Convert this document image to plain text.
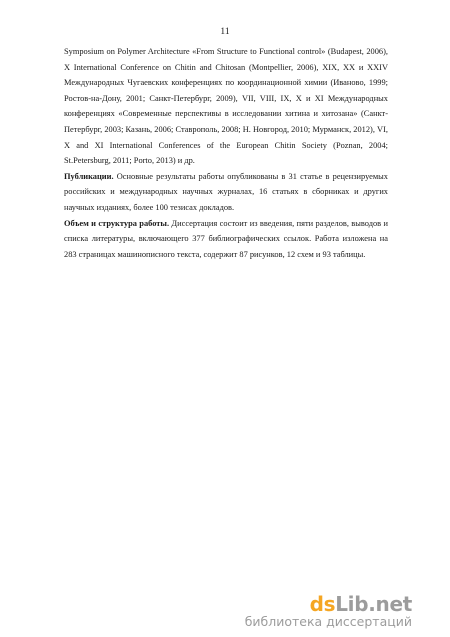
11

Symposium on Polymer Architecture «From Structure to Functional control» (Budapest, 2006), X International Conference on Chitin and Chitosan (Montpellier, 2006), XIX, XX и XXIV Международных Чугаевских конференциях по координационной химии (Иваново, 1999; Ростов-на-Дону, 2001; Санкт-Петербург, 2009), VII, VIII, IX, X и XI Международных конференциях «Современные перспективы в исследовании хитина и хитозана» (Санкт-Петербург, 2003; Казань, 2006; Ставрополь, 2008; Н. Новгород, 2010; Мурманск, 2012), VI, X and XI International Conferences of the European Chitin Society (Poznan, 2004; St.Petersburg, 2011; Porto, 2013) и др.

Публикации. Основные результаты работы опубликованы в 31 статье в рецензируемых российских и международных научных журналах, 16 статьях в сборниках и других научных изданиях, более 100 тезисах докладов.

Объем и структура работы. Диссертация состоит из введения, пяти разделов, выводов и списка литературы, включающего 377 библиографических ссылок. Работа изложена на 283 страницах машинописного текста, содержит 87 рисунков, 12 схем и 93 таблицы.

dsLib.net
библиотека диссертаций
